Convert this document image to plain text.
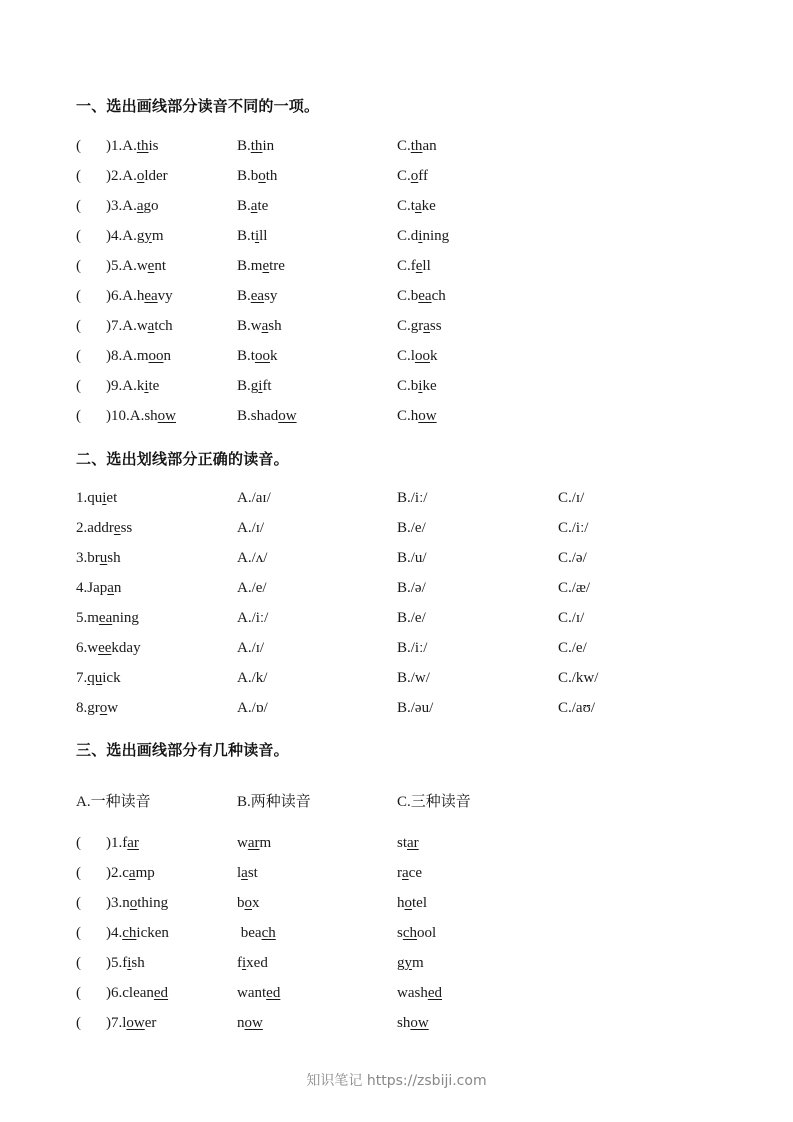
一、选出画线部分读音不同的一项。
( )1.A.this	B.thin	C.than
( )2.A.older	B.both	C.off
( )3.A.ago	B.ate	C.take
( )4.A.gym	B.till	C.dining
( )5.A.went	B.metre	C.fell
( )6.A.heavy	B.easy	C.beach
( )7.A.watch	B.wash	C.grass
( )8.A.moon	B.took	C.look
( )9.A.kite	B.gift	C.bike
( )10.A.show	B.shadow	C.how
二、选出划线部分正确的读音。
1.quiet	A./aɪ/	B./iː/	C./ɪ/
2.address	A./ɪ/	B./e/	C./iː/
3.brush	A./ʌ/	B./u/	C./ə/
4.Japan	A./e/	B./ə/	C./æ/
5.meaning	A./iː/	B./e/	C./ɪ/
6.weekday	A./ɪ/	B./iː/	C./e/
7.quick	A./k/	B./w/	C./kw/
8.grow	A./ɒ/	B./əu/	C./aʊ/
三、选出画线部分有几种读音。
A.一种读音	B.两种读音	C.三种读音
( )1.far	warm	star
( )2.camp	last	race
( )3.nothing	box	hotel
( )4.chicken	beach	school
( )5.fish	fixed	gym
( )6.cleaned	wanted	washed
( )7.lower	now	show
知识笔记 https://zsbiji.com
